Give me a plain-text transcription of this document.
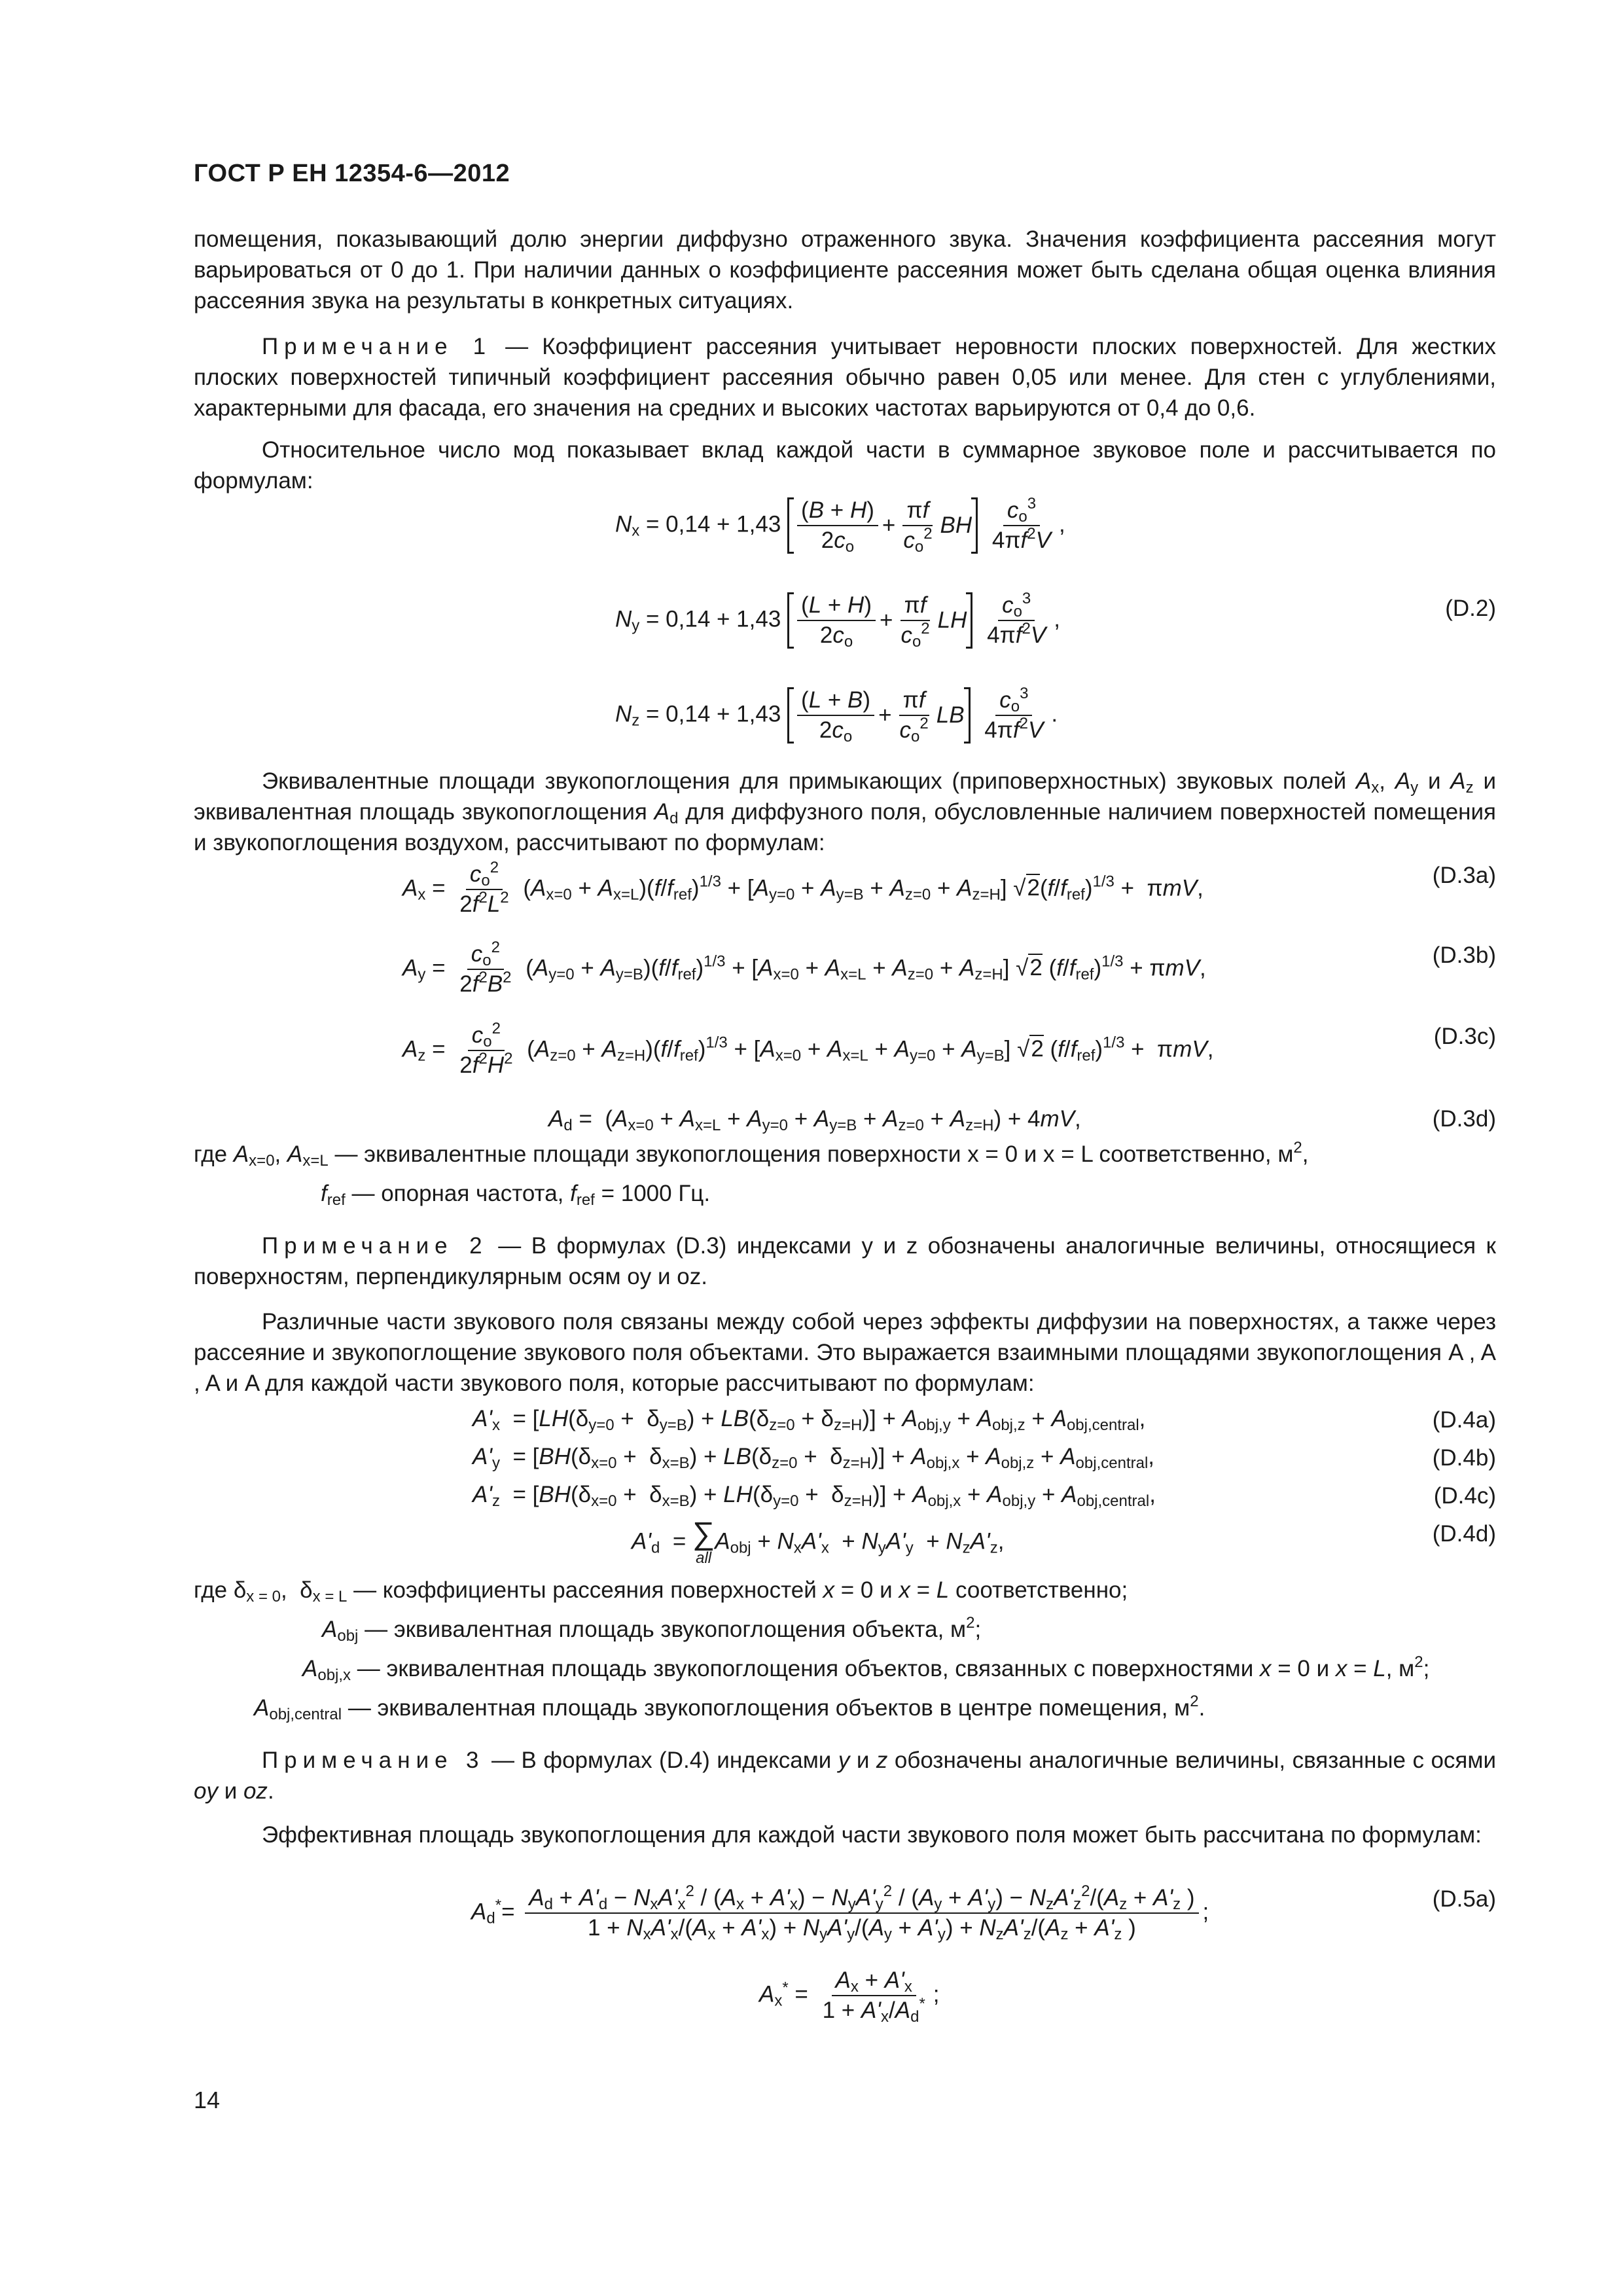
ГОСТ Р ЕН 12354-6—2012
помещения, показывающий долю энергии диффузно отраженного звука. Значения коэффициента рассеяния могут варьироваться от 0 до 1. При наличии данных о коэффициенте рассеяния может быть сделана общая оценка влияния рассеяния звука на результаты в конкретных ситуациях.
Примечание 1 — Коэффициент рассеяния учитывает неровности плоских поверхностей. Для жестких плоских поверхностей типичный коэффициент рассеяния обычно равен 0,05 или менее. Для стен с углублениями, характерными для фасада, его значения на средних и высоких частотах варьируются от 0,4 до 0,6.
Относительное число мод показывает вклад каждой части в суммарное звуковое поле и рассчитывается по формулам:
$N_x = 0,14 + 1,43 \frac{(B + H)}{2c_o} + \frac{\pi f}{c_o^2}$ BH
$\frac{c_o^3}{4\pi f^2V}$ ,
$N_y = 0,14 + 1,43 \frac{(L + H)}{2c_o} + \frac{\pi f}{c_o^2}$ LH
$\frac{c_o^3}{4\pi f^2V}$ ,
$N_z = 0,14 + 1,43 \frac{(L + B)}{2c_o} + \frac{\pi f}{c_o^2}$ LB
$\frac{c_o^3}{4\pi f^2V}$ .
(D.2)
Эквивалентные площади звукопоглощения для примыкающих (приповерхностных) звуковых полей $A_x$, $A_y$ и $A_z$ и эквивалентная площадь звукопоглощения $A_d$ для диффузного поля, обусловленные наличием поверхностей помещения и звукопоглощения воздухом, рассчитывают по формулам:
$A_x = \frac{c_o^2}{2f^2L^2} (A_{x=0} + A_{x=L})(f/f_{ref})^{1/3} + [A_{y=0} + A_{y=B} + A_{z=0} + A_{z=H}] √2(f/f_{ref})^{1/3} + \pi mV$,	(D.3a)
$A_y = \frac{c_o^2}{2f^2B^2} (A_{y=0} + A_{y=B})(f/f_{ref})^{1/3} + [A_{x=0} + A_{x=L} + A_{z=0} + A_{z=H}]$ √2 $(f/f_{ref})^{1/3} + \pi mV$,	(D.3b)
$A_z = \frac{c_o^2}{2f^2H^2} (A_{z=0} + A_{z=H})(f/f_{ref})^{1/3} + [A_{x=0} + A_{x=L} + A_{y=0} + A_{y=B}]$ √2 $(f/f_{ref})^{1/3} + \pi mV$,	(D.3c)
$A_d = (A_{x=0} + A_{x=L} + A_{y=0} + A_{y=B} + A_{z=0} + A_{z=H}) + 4mV$,	(D.3d)
где $A_{x=0}$, $A_{x=L}$ — эквивалентные площади звукопоглощения поверхности x = 0 и x = L соответственно, $м^2$,
$f_{ref}$ — опорная частота, $f_{ref} = 1000$ Гц.
Примечание 2 — В формулах (D.3) индексами y и z обозначены аналогичные величины, относящиеся к поверхностям, перпендикулярным осям oy и oz.
Различные части звукового поля связаны между собой через эффекты диффузии на поверхностях, а также через рассеяние и звукопоглощение звукового поля объектами. Это выражается взаимными площадями звукопоглощения A , A , A и A для каждой части звукового поля, которые рассчитывают по формулам:
$A'_x = [LH(\delta_{y=0} + \delta_{y=B}) + LB(\delta_{z=0} + \delta_{z=H})] + A_{obj,y} + A_{obj,z} + A_{obj,central}$,	(D.4a)
$A'_y = [BH(\delta_{x=0} + \delta_{x=B}) + LB(\delta_{z=0} + \delta_{z=H})] + A_{obj,x} + A_{obj,z} + A_{obj,central}$,	(D.4b)
$A'_z = [BH(\delta_{x=0} + \delta_{x=B}) + LH(\delta_{y=0} + \delta_{z=H})] + A_{obj,x} + A_{obj,y} + A_{obj,central}$,	(D.4c)
$A'_d$  = ∑
all
$A_{obj} + N_xA'_x + N_yA'_y + N_zA'_z$,	(D.4d)
где $\delta_{x = 0}$,  $\delta_{x = L}$ — коэффициенты рассеяния поверхностей x = 0 и x = L соответственно;
$A_{obj}$ — эквивалентная площадь звукопоглощения объекта, $м^2$;
$A_{obj,x}$ — эквивалентная площадь звукопоглощения объектов, связанных с поверхностями x = 0 и x = L, $м^2$;
$A_{obj,central}$ — эквивалентная площадь звукопоглощения объектов в центре помещения, $м^2$.
Примечание 3 — В формулах (D.4) индексами y и z обозначены аналогичные величины, связанные с осями oy и oz.
Эффективная площадь звукопоглощения для каждой части звукового поля может быть рассчитана по формулам:
$A_d^*=$
$A_d + A'_d - N_xA'_x^2 / (A_x + A'_x) - N_yA'_y^2 / (A_y + A'_y) - N_zA'_z^2/(A_z + A'_z$ )
$1 + N_xA'_x/(A_x + A'_x) + N_yA'_y/(A_y + A'_y) + N_zA'_z/(A_z + A'_z$ )
;	(D.5a)
$A_x^* = \frac{A_x + A'_x}{1 + A'_x/A_d^*}$ ;
14
